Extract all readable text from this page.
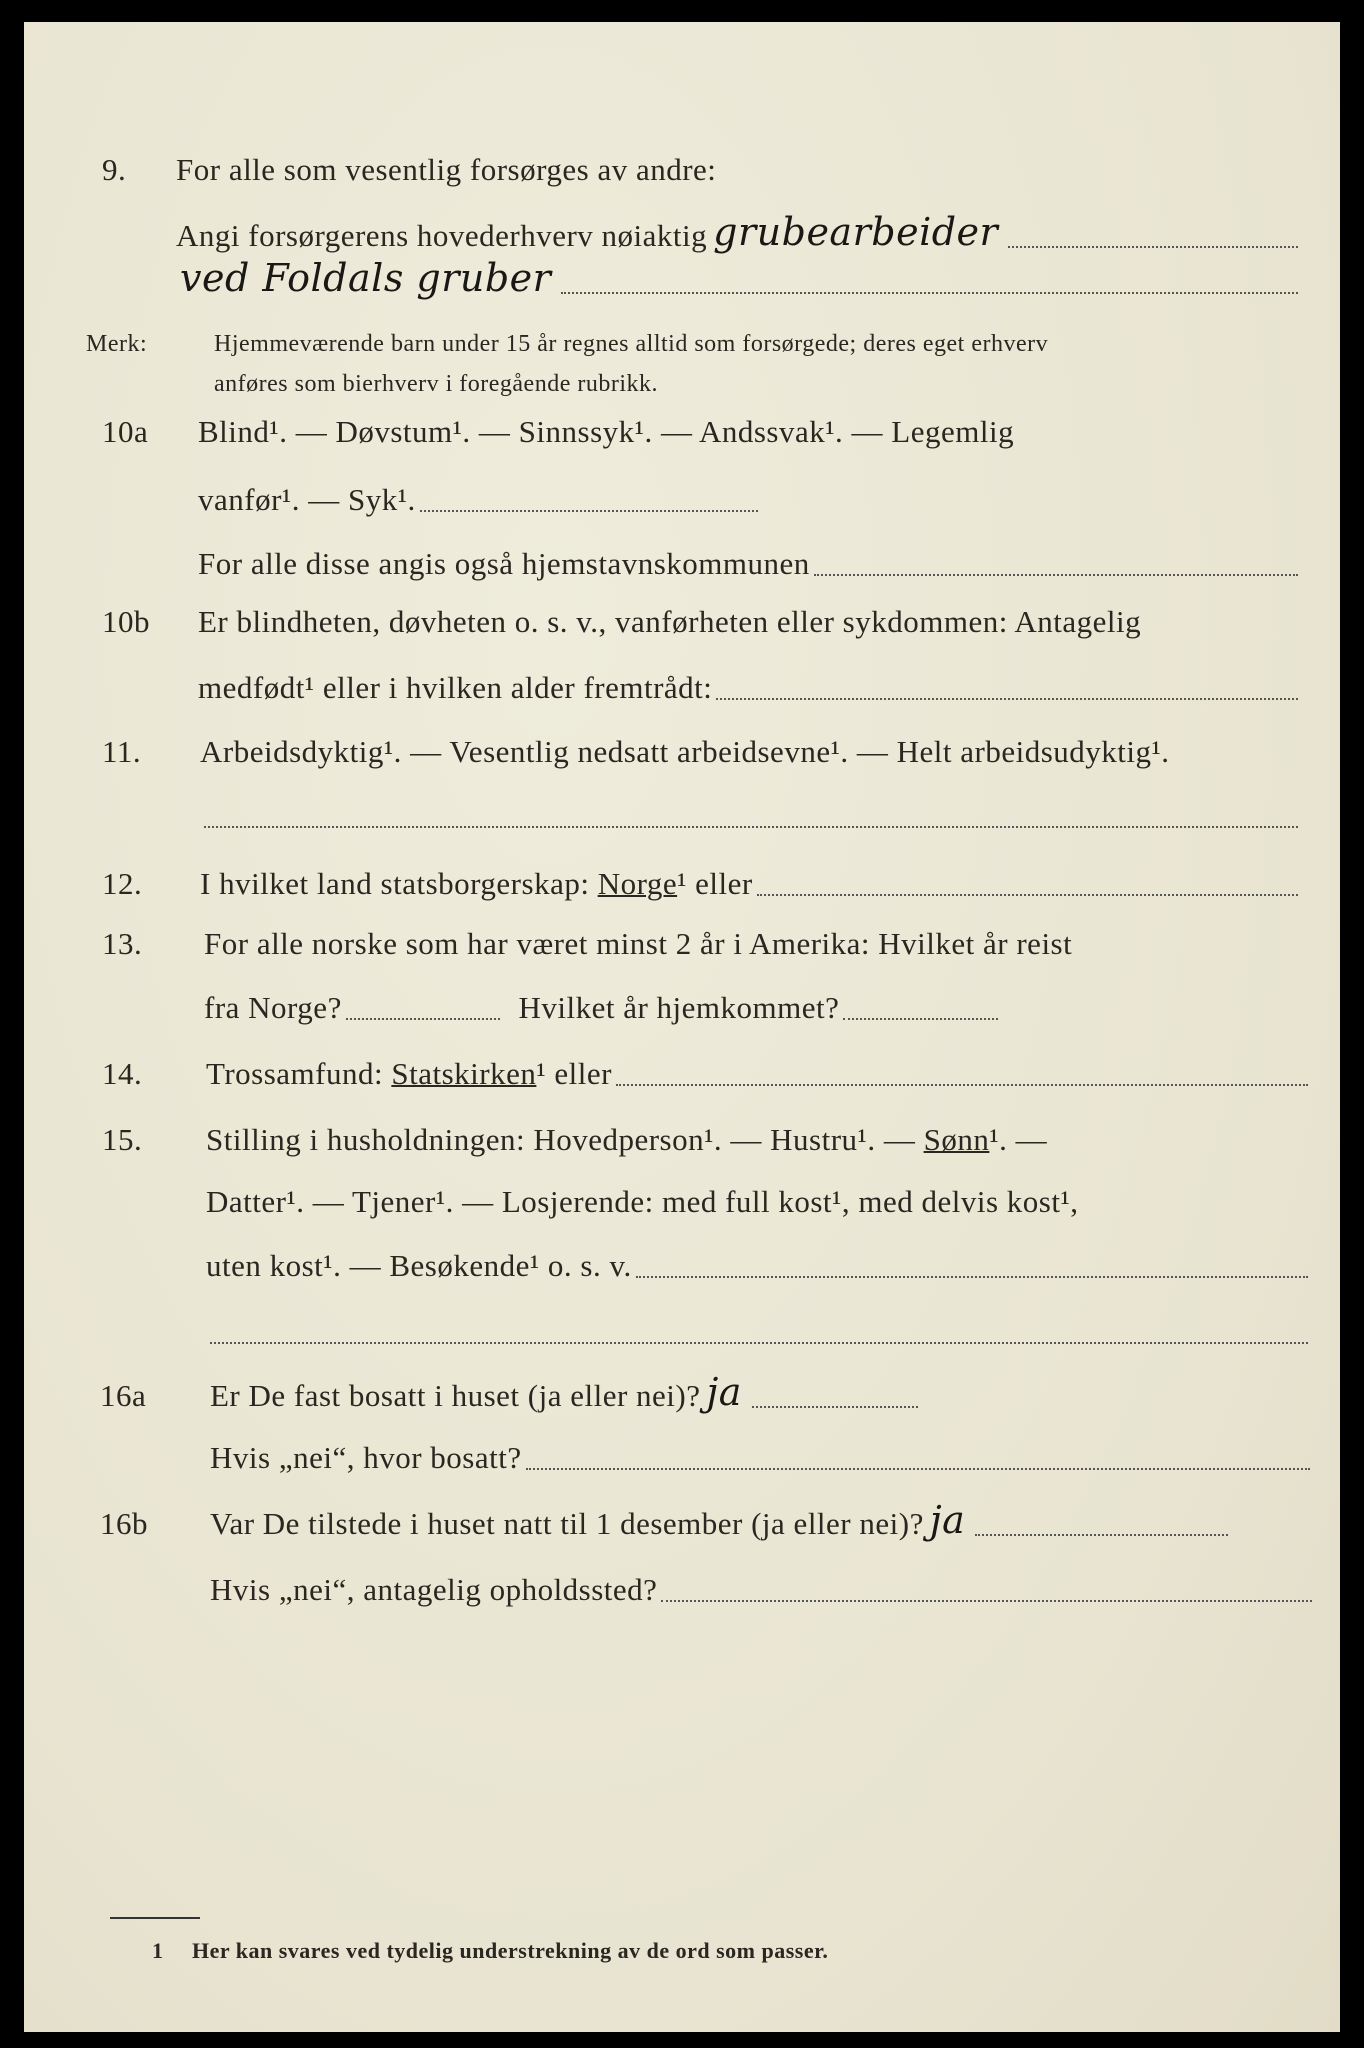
9. For alle som vesentlig forsørges av andre:
Angi forsørgerens hovederhverv nøiaktig grubearbeider
ved Foldals gruber
Merk:	Hjemmeværende barn under 15 år regnes alltid som forsørgede; deres eget erhverv
anføres som bierhverv i foregående rubrikk.
10a Blind¹. — Døvstum¹. — Sinnssyk¹. — Andssvak¹. — Legemlig
vanfør¹. — Syk¹.
For alle disse angis også hjemstavnskommunen
10b Er blindheten, døvheten o. s. v., vanførheten eller sykdommen: Antagelig
medfødt¹ eller i hvilken alder fremtrådt:
11. Arbeidsdyktig¹. — Vesentlig nedsatt arbeidsevne¹. — Helt arbeidsudyktig¹.
12. I hvilket land statsborgerskap:
Norge ¹ eller
13. For alle norske som har været minst 2 år i Amerika: Hvilket år reist
fra Norge?	Hvilket år hjemkommet?
14. Trossamfund:
Statskirken ¹ eller
15. Stilling i husholdningen: Hovedperson¹. — Hustru¹. —
Sønn ¹. —
Datter¹. — Tjener¹. — Losjerende: med full kost¹, med delvis kost¹,
uten kost¹. — Besøkende¹ o. s. v.
16a Er De fast bosatt i huset (ja eller nei)? ja
Hvis „nei“, hvor bosatt?
16b Var De tilstede i huset natt til 1 desember (ja eller nei)? ja
Hvis „nei“, antagelig opholdssted?
1 Her kan svares ved tydelig understrekning av de ord som passer.
